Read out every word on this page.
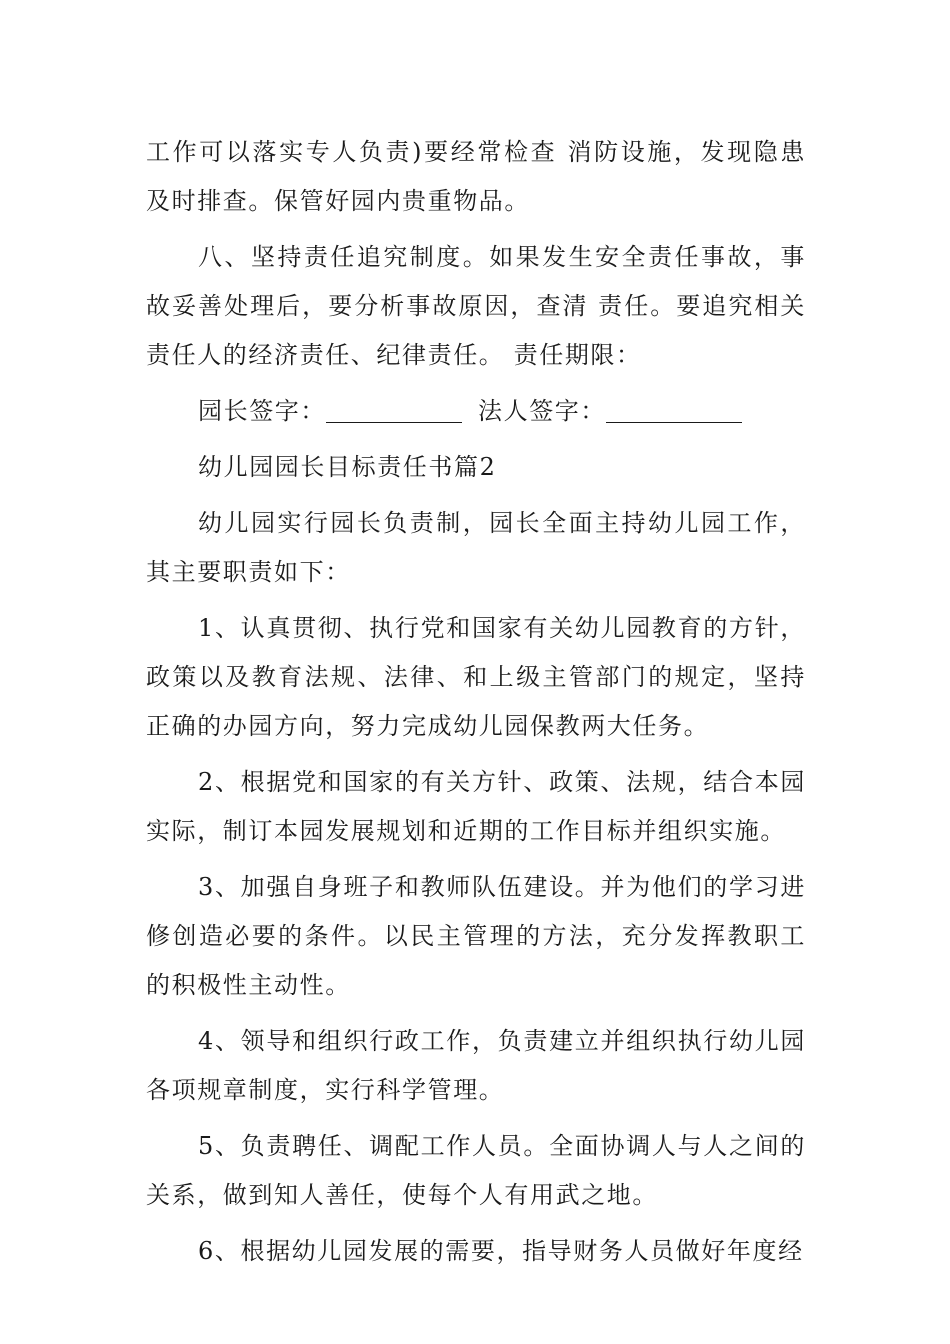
工作可以落实专人负责)要经常检查 消防设施，发现隐患及时排查。保管好园内贵重物品。

八、坚持责任追究制度。如果发生安全责任事故，事故妥善处理后，要分析事故原因，查清 责任。要追究相关责任人的经济责任、纪律责任。 责任期限：

园长签字：	法人签字：

幼儿园园长目标责任书篇2

幼儿园实行园长负责制，园长全面主持幼儿园工作，其主要职责如下：

1、认真贯彻、执行党和国家有关幼儿园教育的方针，政策以及教育法规、法律、和上级主管部门的规定，坚持正确的办园方向，努力完成幼儿园保教两大任务。

2、根据党和国家的有关方针、政策、法规，结合本园实际，制订本园发展规划和近期的工作目标并组织实施。

3、加强自身班子和教师队伍建设。并为他们的学习进修创造必要的条件。以民主管理的方法，充分发挥教职工的积极性主动性。

4、领导和组织行政工作，负责建立并组织执行幼儿园各项规章制度，实行科学管理。

5、负责聘任、调配工作人员。全面协调人与人之间的关系，做到知人善任，使每个人有用武之地。

6、根据幼儿园发展的需要，指导财务人员做好年度经
